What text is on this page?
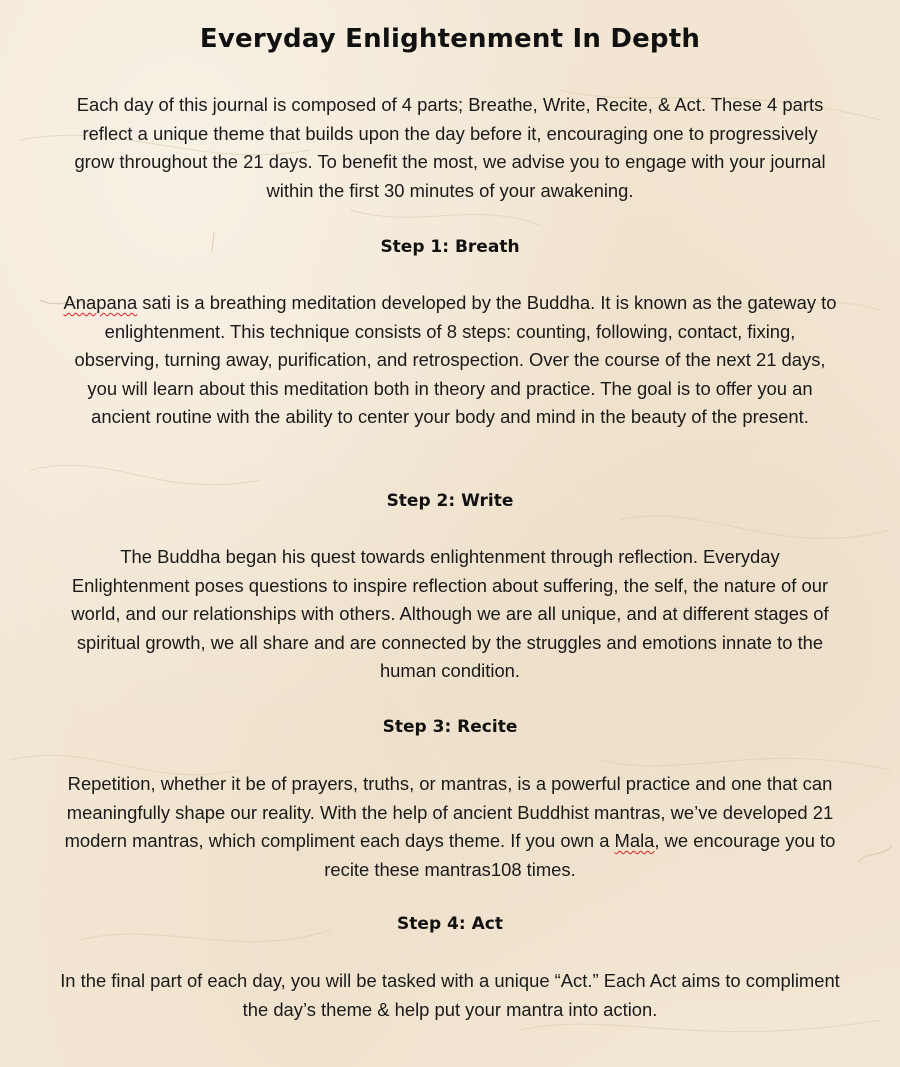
Everyday Enlightenment In Depth
Each day of this journal is composed of 4 parts; Breathe, Write, Recite, & Act. These 4 parts reflect a unique theme that builds upon the day before it, encouraging one to progressively grow throughout the 21 days. To benefit the most, we advise you to engage with your journal within the first 30 minutes of your awakening.
Step 1: Breath
Anapana sati is a breathing meditation developed by the Buddha. It is known as the gateway to enlightenment. This technique consists of 8 steps: counting, following, contact, fixing, observing, turning away, purification, and retrospection. Over the course of the next 21 days, you will learn about this meditation both in theory and practice. The goal is to offer you an ancient routine with the ability to center your body and mind in the beauty of the present.
Step 2: Write
The Buddha began his quest towards enlightenment through reflection. Everyday Enlightenment poses questions to inspire reflection about suffering, the self, the nature of our world, and our relationships with others. Although we are all unique, and at different stages of spiritual growth, we all share and are connected by the struggles and emotions innate to the human condition.
Step 3: Recite
Repetition, whether it be of prayers, truths, or mantras, is a powerful practice and one that can meaningfully shape our reality. With the help of ancient Buddhist mantras, we’ve developed 21 modern mantras, which compliment each days theme. If you own a Mala, we encourage you to recite these mantras108 times.
Step 4: Act
In the final part of each day, you will be tasked with a unique “Act.” Each Act aims to compliment the day’s theme & help put your mantra into action.
